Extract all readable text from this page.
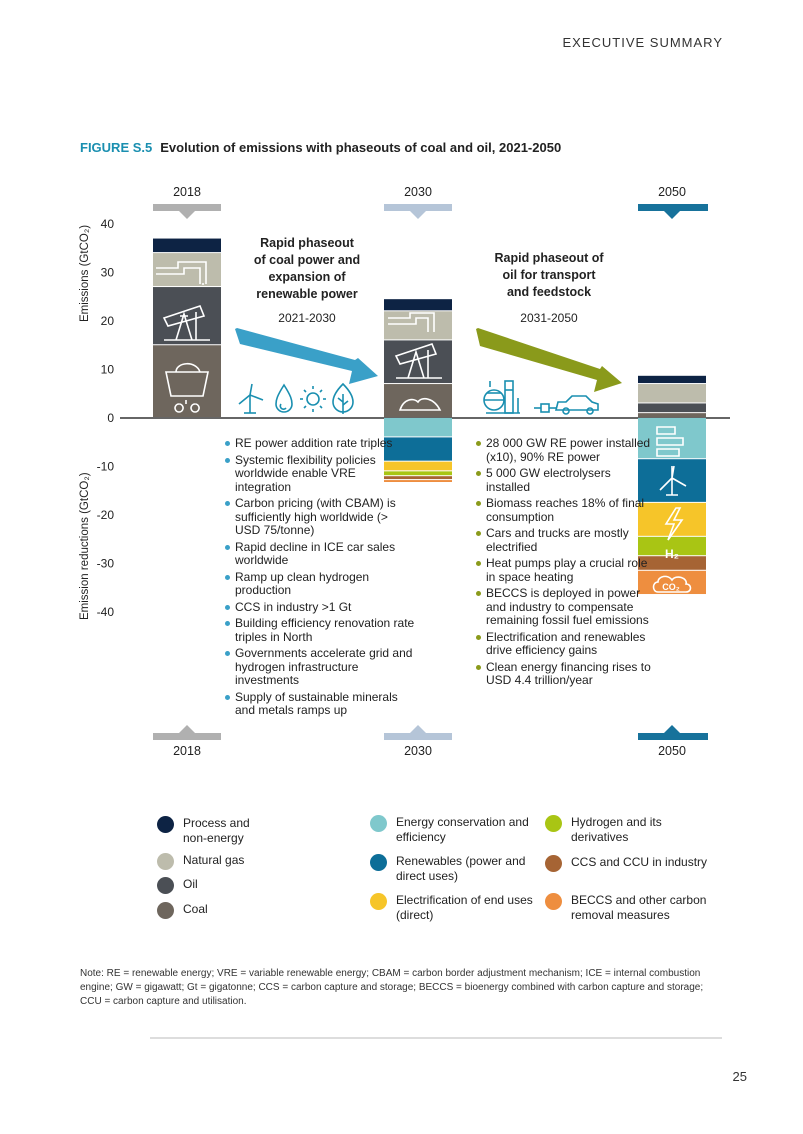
EXECUTIVE SUMMARY
FIGURE S.5 Evolution of emissions with phaseouts of coal and oil, 2021-2050
2018
2018
2030
2030
2050
2050
40
30
20
10
0
-10
-20
-30
-40
H₂
CO₂
Emissions (GtCO₂)
Emission reductions (GtCO₂)
Rapid phaseout
of coal power and
expansion of
renewable power
2021-2030
Rapid phaseout of
oil for transport
and feedstock
2031-2050
RE power addition rate triples
Systemic flexibility policies worldwide enable VRE integration
Carbon pricing (with CBAM) is sufficiently high worldwide (> USD 75/tonne)
Rapid decline in ICE car sales worldwide
Ramp up clean hydrogen production
CCS in industry >1 Gt
Building efficiency renovation rate triples in North
Governments accelerate grid and hydrogen infrastructure investments
Supply of sustainable minerals and metals ramps up
28 000 GW RE power installed (x10), 90% RE power
5 000 GW electrolysers installed
Biomass reaches 18% of final consumption
Cars and trucks are mostly electrified
Heat pumps play a crucial role in space heating
BECCS is deployed in power and industry to compensate remaining fossil fuel emissions
Electrification and renewables drive efficiency gains
Clean energy financing rises to USD 4.4 trillion/year
Process and non-energy
Natural gas
Oil
Coal
Energy conservation and efficiency
Renewables (power and direct uses)
Electrification of end uses (direct)
Hydrogen and its derivatives
CCS and CCU in industry
BECCS and other carbon removal measures
Note: RE = renewable energy; VRE = variable renewable energy; CBAM = carbon border adjustment mechanism; ICE = internal combustion engine; GW = gigawatt; Gt = gigatonne; CCS = carbon capture and storage; BECCS = bioenergy combined with carbon capture and storage; CCU = carbon capture and utilisation.
25
